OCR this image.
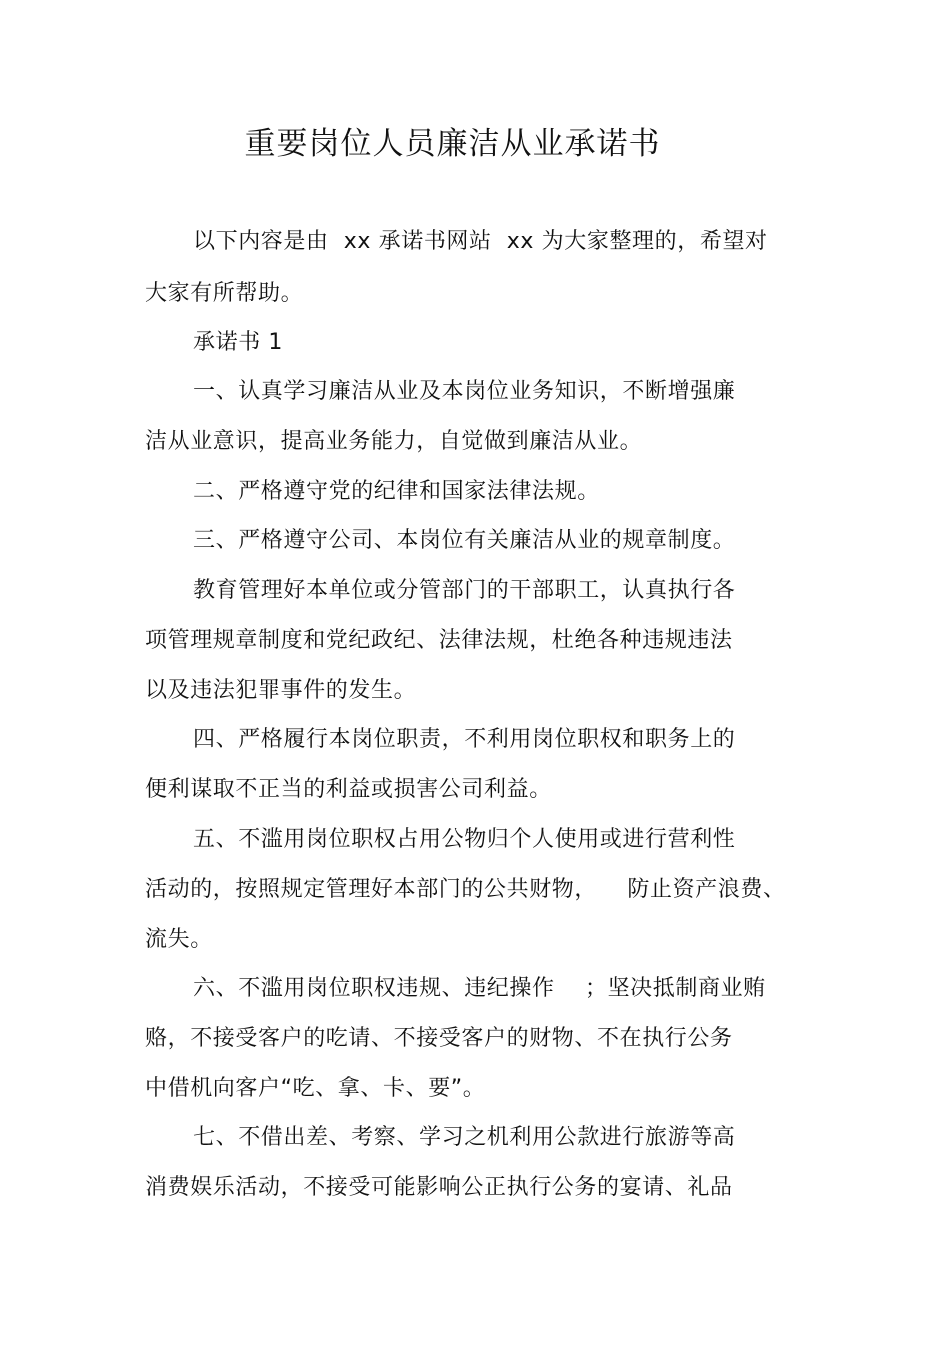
重要岗位人员廉洁从业承诺书
以下内容是由  xx 承诺书网站  xx 为大家整理的，希望对
大家有所帮助。
承诺书 1
一、认真学习廉洁从业及本岗位业务知识，不断增强廉
洁从业意识，提高业务能力，自觉做到廉洁从业。
二、严格遵守党的纪律和国家法律法规。
三、严格遵守公司、本岗位有关廉洁从业的规章制度。
教育管理好本单位或分管部门的干部职工，认真执行各
项管理规章制度和党纪政纪、法律法规，杜绝各种违规违法
以及违法犯罪事件的发生。
四、严格履行本岗位职责，不利用岗位职权和职务上的
便利谋取不正当的利益或损害公司利益。
五、不滥用岗位职权占用公物归个人使用或进行营利性
活动的，按照规定管理好本部门的公共财物，    防止资产浪费、
流失。
六、不滥用岗位职权违规、违纪操作    ；坚决抵制商业贿
赂，不接受客户的吃请、不接受客户的财物、不在执行公务
中借机向客户“吃、拿、卡、要”。
七、不借出差、考察、学习之机利用公款进行旅游等高
消费娱乐活动，不接受可能影响公正执行公务的宴请、礼品
